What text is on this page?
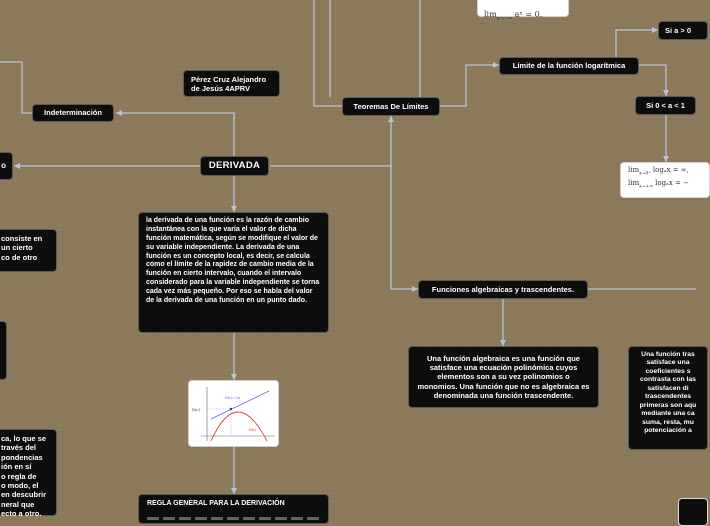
$\lim_{x\to-\infty}$ aˣ = 0.
Pérez Cruz Alejandro de Jesús 4APRV
Indeterminación
o	DERIVADA
Teoremas De Límites
Límite de la función logarítmica
Si a > 0
Si 0 < a < 1
$\lim_{x\to 0^+} \log_ax$ = ∞,
$\lim_{x\to+\infty} \log_ax$ = −
consiste en
un cierto
co de otro
ca, lo que se
través del
pondencias
ión en sí
o regla de
o modo, el
en descubrir
neral que
ecto a otro.
la derivada de una función es la razón de cambio instantánea con la que varía el valor de dicha función matemática, según se modifique el valor de su variable independiente. La derivada de una función es un concepto local, es decir, se calcula como el límite de la rapidez de cambio media de la función en cierto intervalo, cuando el intervalo considerado para la variable independiente se torna cada vez más pequeño. Por eso se habla del valor de la derivada de una función en un punto dado.
f(x₀)
f(x)=3x
f(x)
REGLA GENERAL PARA LA DERIVACIÓN
Funciones algebraicas y trascendentes.
Una función algebraica es una función que satisface una ecuación polinómica cuyos elementos son a su vez polinomios o monomios. Una función que no es algebraica es denominada una función trascendente.
Una función tras
satisface una
coeficientes s
contrasta con las
satisfacen di
trascendentes
primeras son aqu
mediante una ca
suma, resta, mu
potenciación a
